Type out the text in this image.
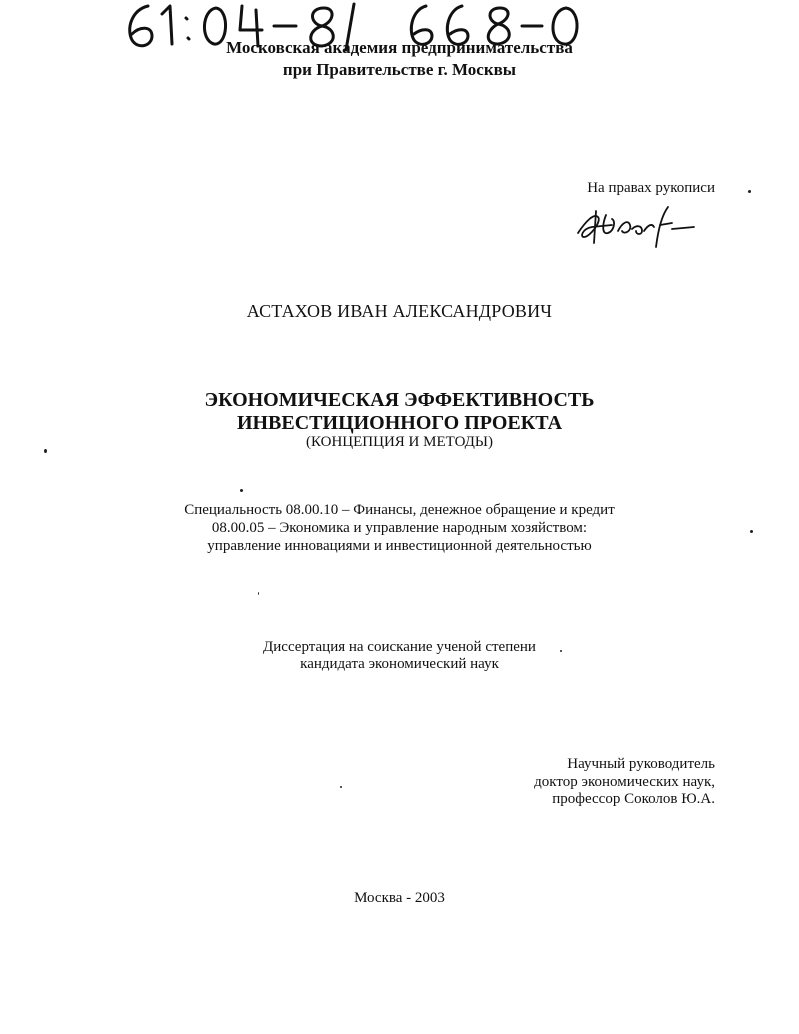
Московская академия предпринимательства
при Правительстве г. Москвы
На правах рукописи
АСТАХОВ ИВАН АЛЕКСАНДРОВИЧ
ЭКОНОМИЧЕСКАЯ ЭФФЕКТИВНОСТЬ
ИНВЕСТИЦИОННОГО ПРОЕКТА
(КОНЦЕПЦИЯ И МЕТОДЫ)
Специальность 08.00.10 – Финансы, денежное обращение и кредит
08.00.05 – Экономика и управление народным хозяйством:
управление инновациями и инвестиционной деятельностью
Диссертация на соискание ученой степени
кандидата экономический наук
Научный руководитель
доктор экономических наук,
профессор Соколов Ю.А.
Москва - 2003
